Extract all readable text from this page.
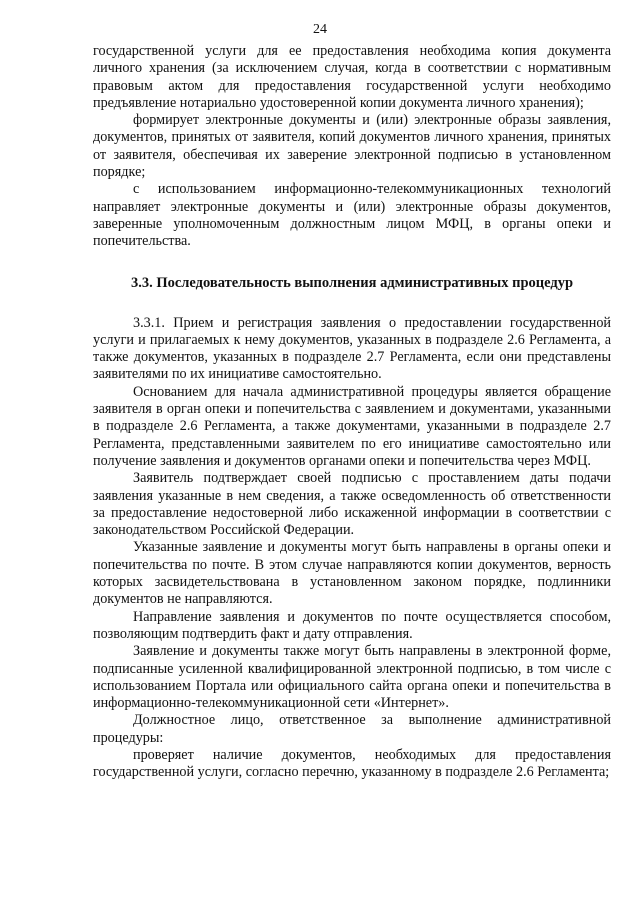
24

государственной услуги для ее предоставления необходима копия документа личного хранения (за исключением случая, когда в соответствии с нормативным правовым актом для предоставления государственной услуги необходимо предъявление нотариально удостоверенной копии документа личного хранения);

формирует электронные документы и (или) электронные образы заявления, документов, принятых от заявителя, копий документов личного хранения, принятых от заявителя, обеспечивая их заверение электронной подписью в установленном порядке;

с использованием информационно-телекоммуникационных технологий направляет электронные документы и (или) электронные образы документов, заверенные уполномоченным должностным лицом МФЦ, в органы опеки и попечительства.

3.3. Последовательность выполнения административных процедур

3.3.1. Прием и регистрация заявления о предоставлении государственной услуги и прилагаемых к нему документов, указанных в подразделе 2.6 Регламента, а также документов, указанных в подразделе 2.7 Регламента, если они представлены заявителями по их инициативе самостоятельно.

Основанием для начала административной процедуры является обращение заявителя в орган опеки и попечительства с заявлением и документами, указанными в подразделе 2.6 Регламента, а также документами, указанными в подразделе 2.7 Регламента, представленными заявителем по его инициативе самостоятельно или получение заявления и документов органами опеки и попечительства через МФЦ.

Заявитель подтверждает своей подписью с проставлением даты подачи заявления указанные в нем сведения, а также осведомленность об ответственности за предоставление недостоверной либо искаженной информации в соответствии с законодательством Российской Федерации.

Указанные заявление и документы могут быть направлены в органы опеки и попечительства по почте. В этом случае направляются копии документов, верность которых засвидетельствована в установленном законом порядке, подлинники документов не направляются.

Направление заявления и документов по почте осуществляется способом, позволяющим подтвердить факт и дату отправления.

Заявление и документы также могут быть направлены в электронной форме, подписанные усиленной квалифицированной электронной подписью, в том числе с использованием Портала или официального сайта органа опеки и попечительства в информационно-телекоммуникационной сети «Интернет».

Должностное лицо, ответственное за выполнение административной процедуры:

проверяет наличие документов, необходимых для предоставления государственной услуги, согласно перечню, указанному в подразделе 2.6 Регламента;
